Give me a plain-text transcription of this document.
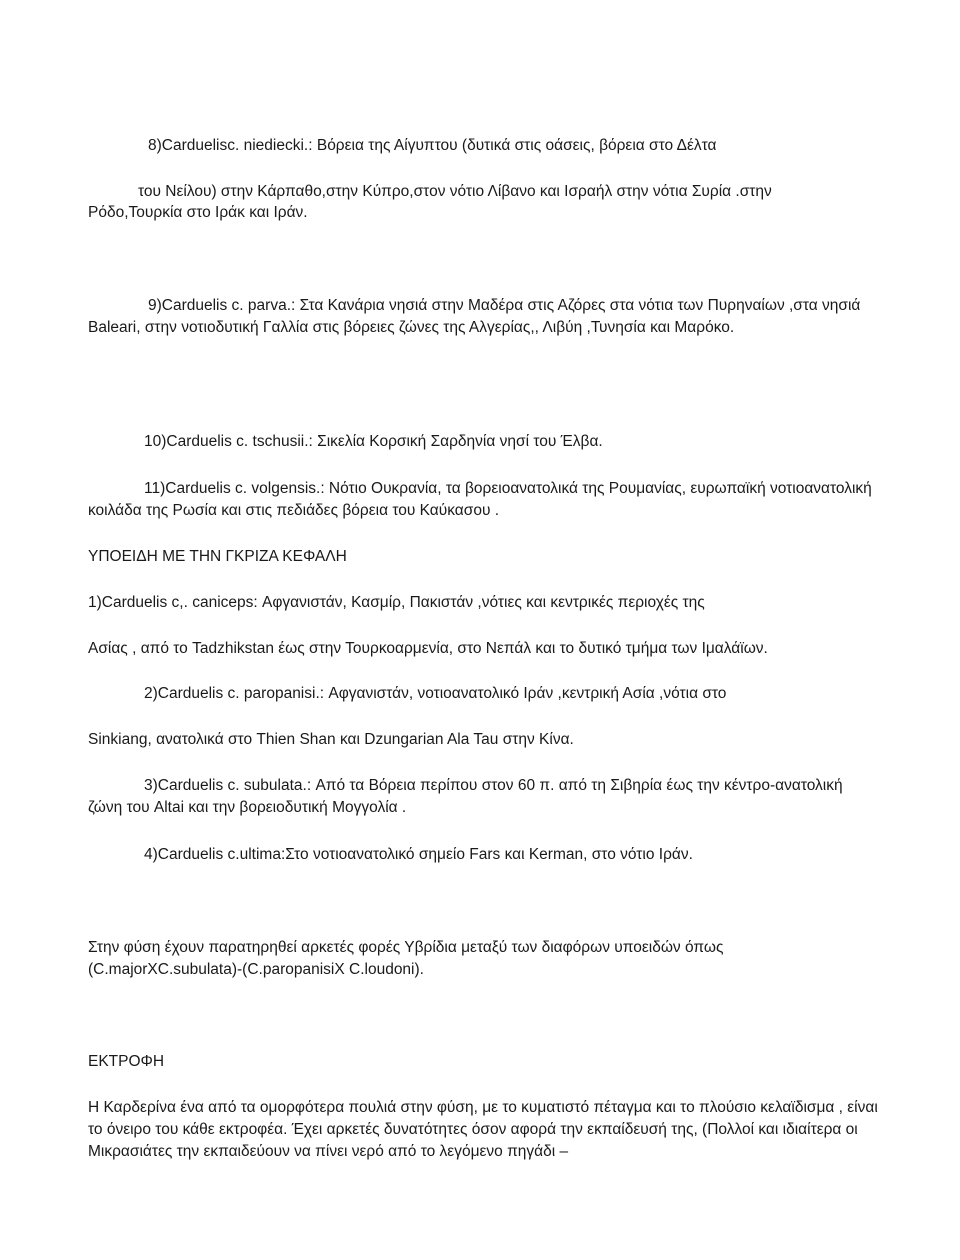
8)Carduelisc. niediecki.: Βόρεια της Αίγυπτου (δυτικά στις οάσεις, βόρεια στο Δέλτα
του Νείλου) στην Κάρπαθο,στην Κύπρο,στον νότιο Λίβανο και Ισραήλ στην νότια Συρία .στην
Ρόδο,Τουρκία στο Ιράκ και Ιράν.
9)Carduelis c. parva.: Στα Κανάρια νησιά στην Μαδέρα στις Αζόρες στα νότια των Πυρηναίων ,στα νησιά Baleari, στην νοτιοδυτική Γαλλία στις βόρειες ζώνες της Αλγερίας,, Λιβύη ,Τυνησία και Μαρόκο.
10)Carduelis c. tschusii.: Σικελία Κορσική Σαρδηνία νησί του Έλβα.
11)Carduelis c. volgensis.: Νότιο Ουκρανία, τα βορειοανατολικά της Ρουμανίας, ευρωπαϊκή νοτιοανατολική κοιλάδα της Ρωσία και στις πεδιάδες βόρεια του Καύκασου .
ΥΠΟΕΙΔΗ ΜΕ ΤΗΝ ΓΚΡΙΖΑ ΚΕΦΑΛΗ
1)Carduelis c,. caniceps: Αφγανιστάν, Κασμίρ, Πακιστάν ,νότιες και κεντρικές περιοχές της
Ασίας , από το Tadzhikstan έως στην Τουρκοαρμενία, στο Νεπάλ και το δυτικό τμήμα των Ιμαλάϊων.
2)Carduelis c. paropanisi.: Αφγανιστάν, νοτιοανατολικό Ιράν ,κεντρική Ασία ,νότια στο
Sinkiang, ανατολικά στο Thien Shan και Dzungarian Ala Tau στην Κίνα.
3)Carduelis c. subulata.: Από τα Βόρεια περίπου στον 60 π. από τη Σιβηρία έως την κέντρο-ανατολική ζώνη του Altai και την βορειοδυτική Μογγολία .
4)Carduelis c.ultima:Στο νοτιοανατολικό σημείο Fars και Kerman, στο νότιο Ιράν.
Στην φύση έχουν παρατηρηθεί αρκετές φορές Υβρίδια μεταξύ των διαφόρων υποειδών όπως
(C.majorXC.subulata)-(C.paropanisiX C.loudoni).
ΕΚΤΡΟΦΗ
Η Καρδερίνα ένα από τα ομορφότερα πουλιά στην φύση, με το κυματιστό πέταγμα και το πλούσιο κελαϊδισμα , είναι το όνειρο του κάθε εκτροφέα. Έχει αρκετές δυνατότητες όσον αφορά την εκπαίδευσή της, (Πολλοί και ιδιαίτερα οι Μικρασιάτες την εκπαιδεύουν να πίνει νερό από το λεγόμενο πηγάδι –
